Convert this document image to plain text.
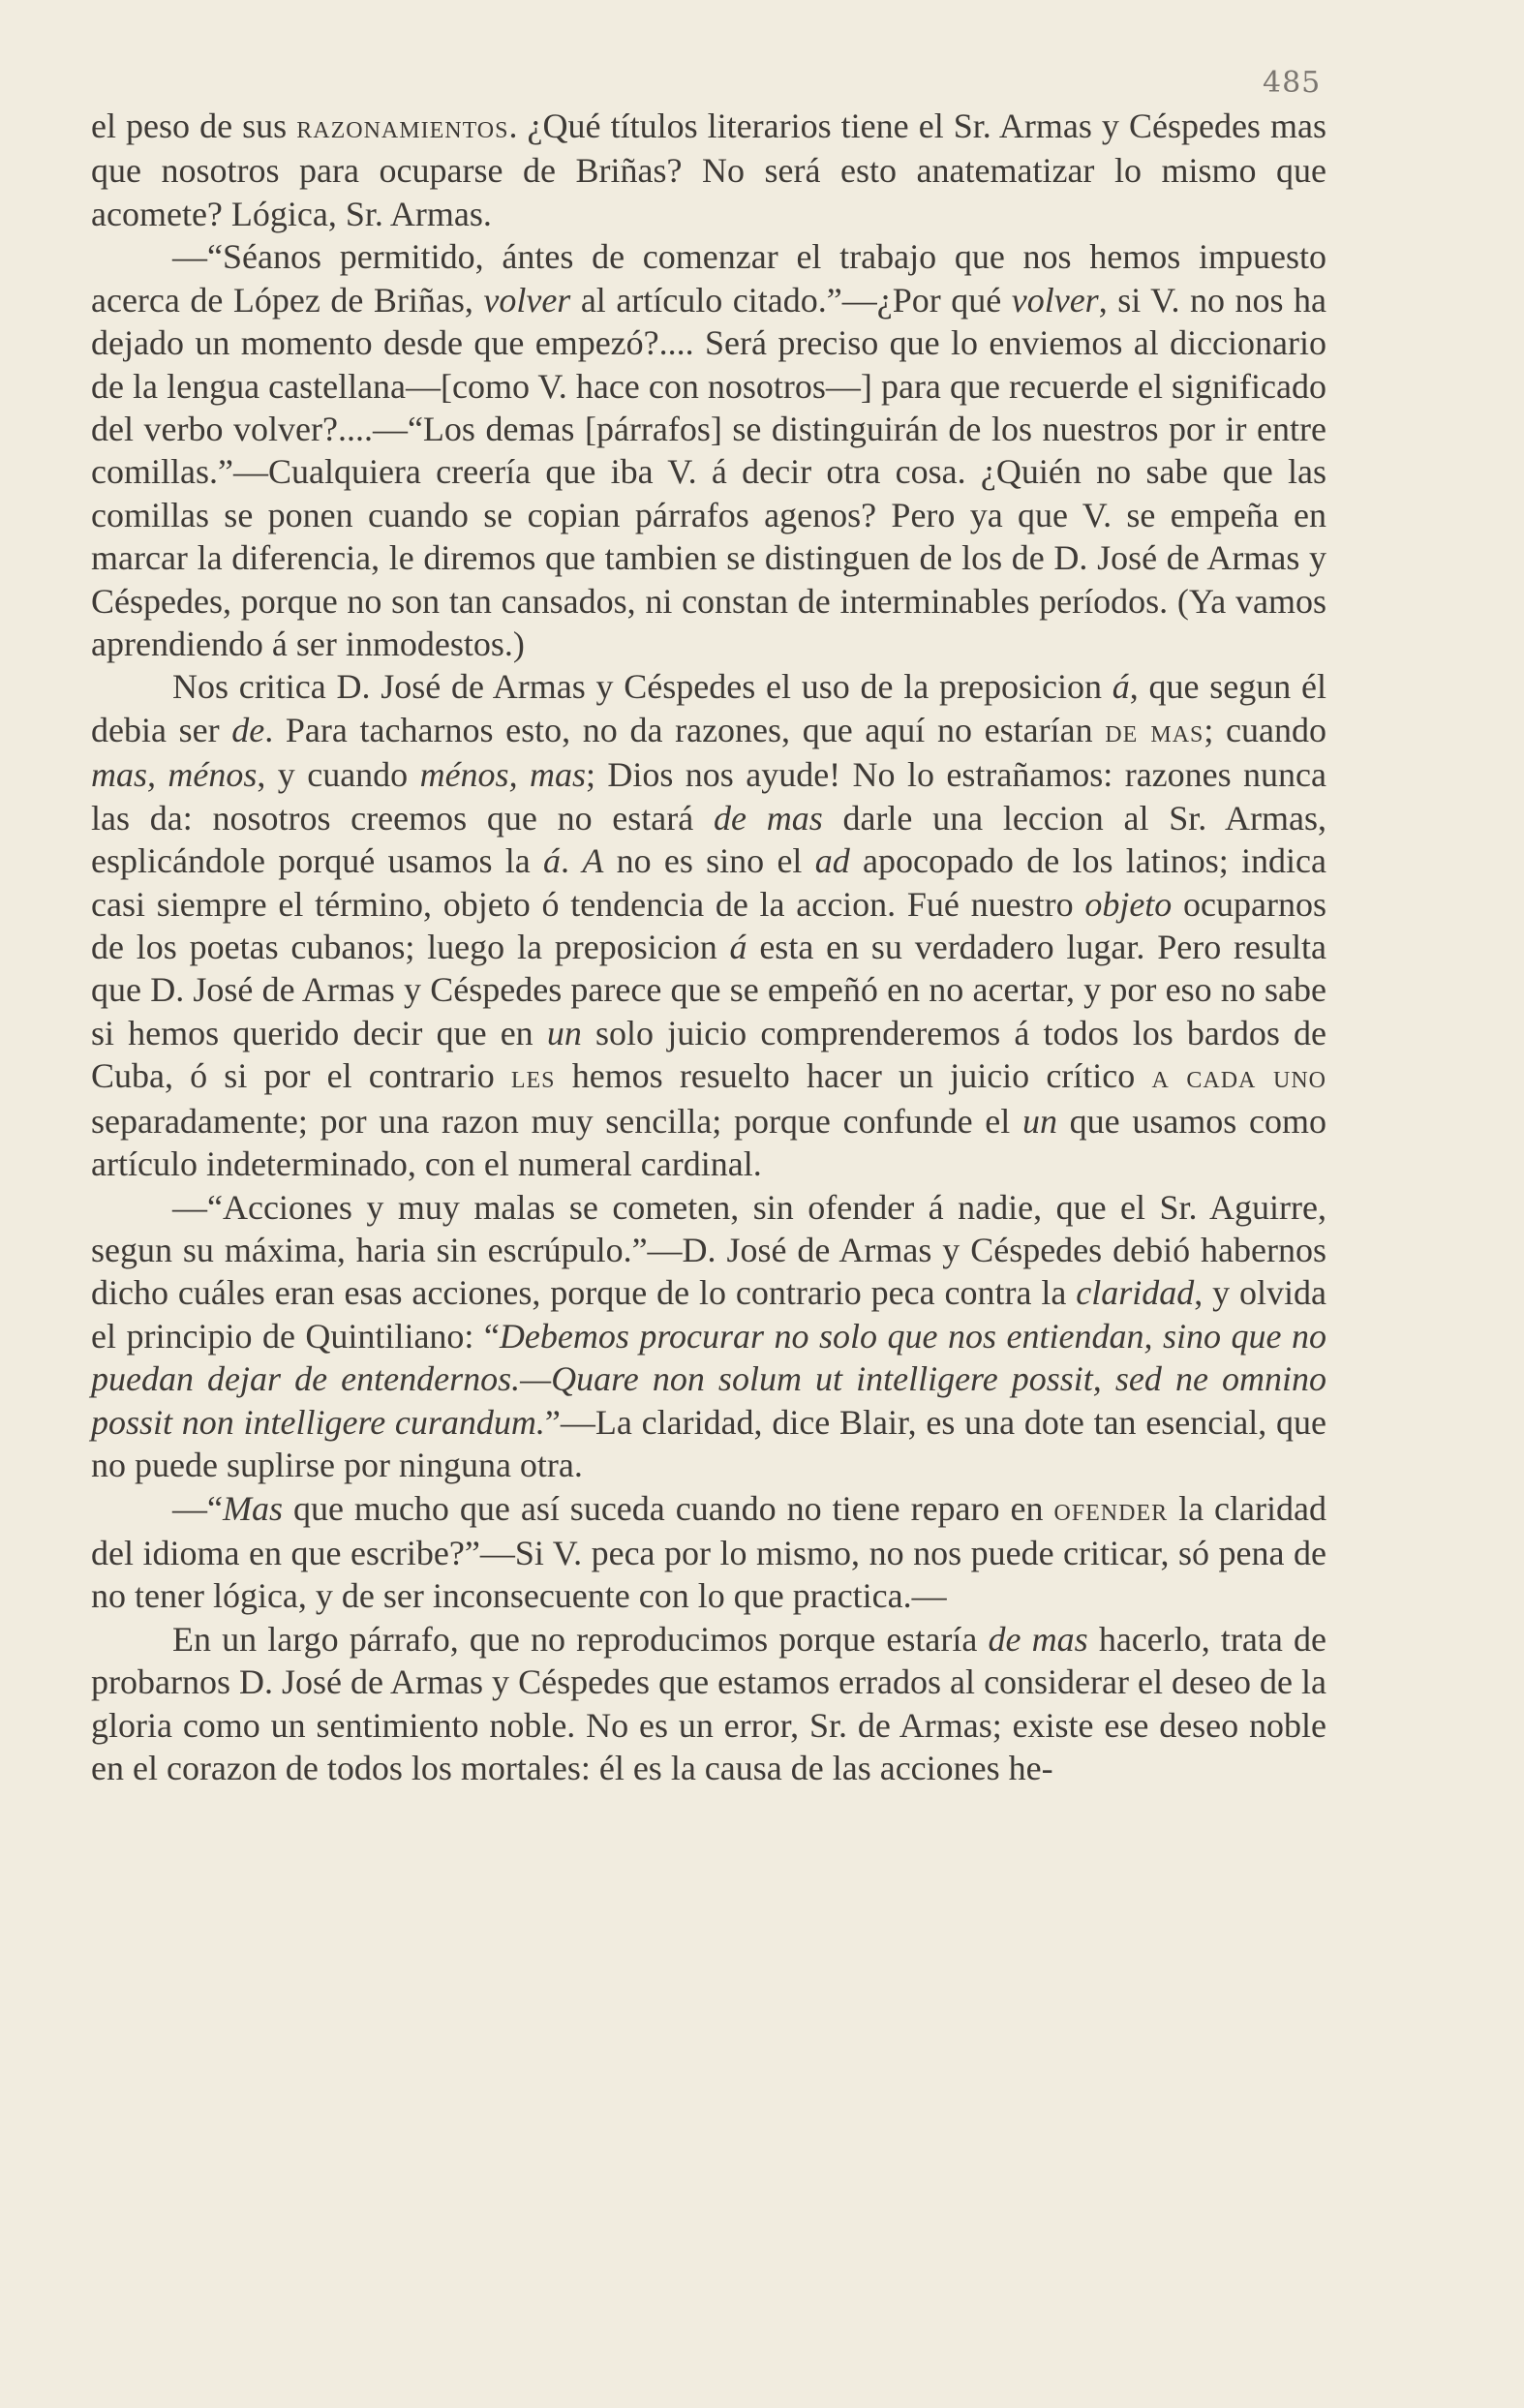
485

el peso de sus razonamientos. ¿Qué títulos literarios tiene el Sr. Armas y Céspedes mas que nosotros para ocuparse de Briñas? No será esto anatematizar lo mismo que acomete? Lógica, Sr. Armas.

—“Séanos permitido, ántes de comenzar el trabajo que nos hemos impuesto acerca de López de Briñas, volver al artículo citado.”—¿Por qué volver, si V. no nos ha dejado un momento desde que empezó?.... Será preciso que lo enviemos al diccionario de la lengua castellana—[como V. hace con nosotros—] para que recuerde el significado del verbo volver?....—“Los demas [párrafos] se distinguirán de los nuestros por ir entre comillas.”—Cualquiera creería que iba V. á decir otra cosa. ¿Quién no sabe que las comillas se ponen cuando se copian párrafos agenos? Pero ya que V. se empeña en marcar la diferencia, le diremos que tambien se distinguen de los de D. José de Armas y Céspedes, porque no son tan cansados, ni constan de interminables períodos. (Ya vamos aprendiendo á ser inmodestos.)

Nos critica D. José de Armas y Céspedes el uso de la preposicion á, que segun él debia ser de. Para tacharnos esto, no da razones, que aquí no estarían de mas; cuando mas, ménos, y cuando ménos, mas; Dios nos ayude! No lo estrañamos: razones nunca las da: nosotros creemos que no estará de mas darle una leccion al Sr. Armas, esplicándole porqué usamos la á. A no es sino el ad apocopado de los latinos; indica casi siempre el término, objeto ó tendencia de la accion. Fué nuestro objeto ocuparnos de los poetas cubanos; luego la preposicion á esta en su verdadero lugar. Pero resulta que D. José de Armas y Céspedes parece que se empeñó en no acertar, y por eso no sabe si hemos querido decir que en un solo juicio comprenderemos á todos los bardos de Cuba, ó si por el contrario les hemos resuelto hacer un juicio crítico a cada uno separadamente; por una razon muy sencilla; porque confunde el un que usamos como artículo indeterminado, con el numeral cardinal.

—“Acciones y muy malas se cometen, sin ofender á nadie, que el Sr. Aguirre, segun su máxima, haria sin escrúpulo.”—D. José de Armas y Céspedes debió habernos dicho cuáles eran esas acciones, porque de lo contrario peca contra la claridad, y olvida el principio de Quintiliano: “Debemos procurar no solo que nos entiendan, sino que no puedan dejar de entendernos.—Quare non solum ut intelligere possit, sed ne omnino possit non intelligere curandum.”—La claridad, dice Blair, es una dote tan esencial, que no puede suplirse por ninguna otra.

—“Mas que mucho que así suceda cuando no tiene reparo en ofender la claridad del idioma en que escribe?”—Si V. peca por lo mismo, no nos puede criticar, só pena de no tener lógica, y de ser inconsecuente con lo que practica.—

En un largo párrafo, que no reproducimos porque estaría de mas hacerlo, trata de probarnos D. José de Armas y Céspedes que estamos errados al considerar el deseo de la gloria como un sentimiento noble. No es un error, Sr. de Armas; existe ese deseo noble en el corazon de todos los mortales: él es la causa de las acciones he-
